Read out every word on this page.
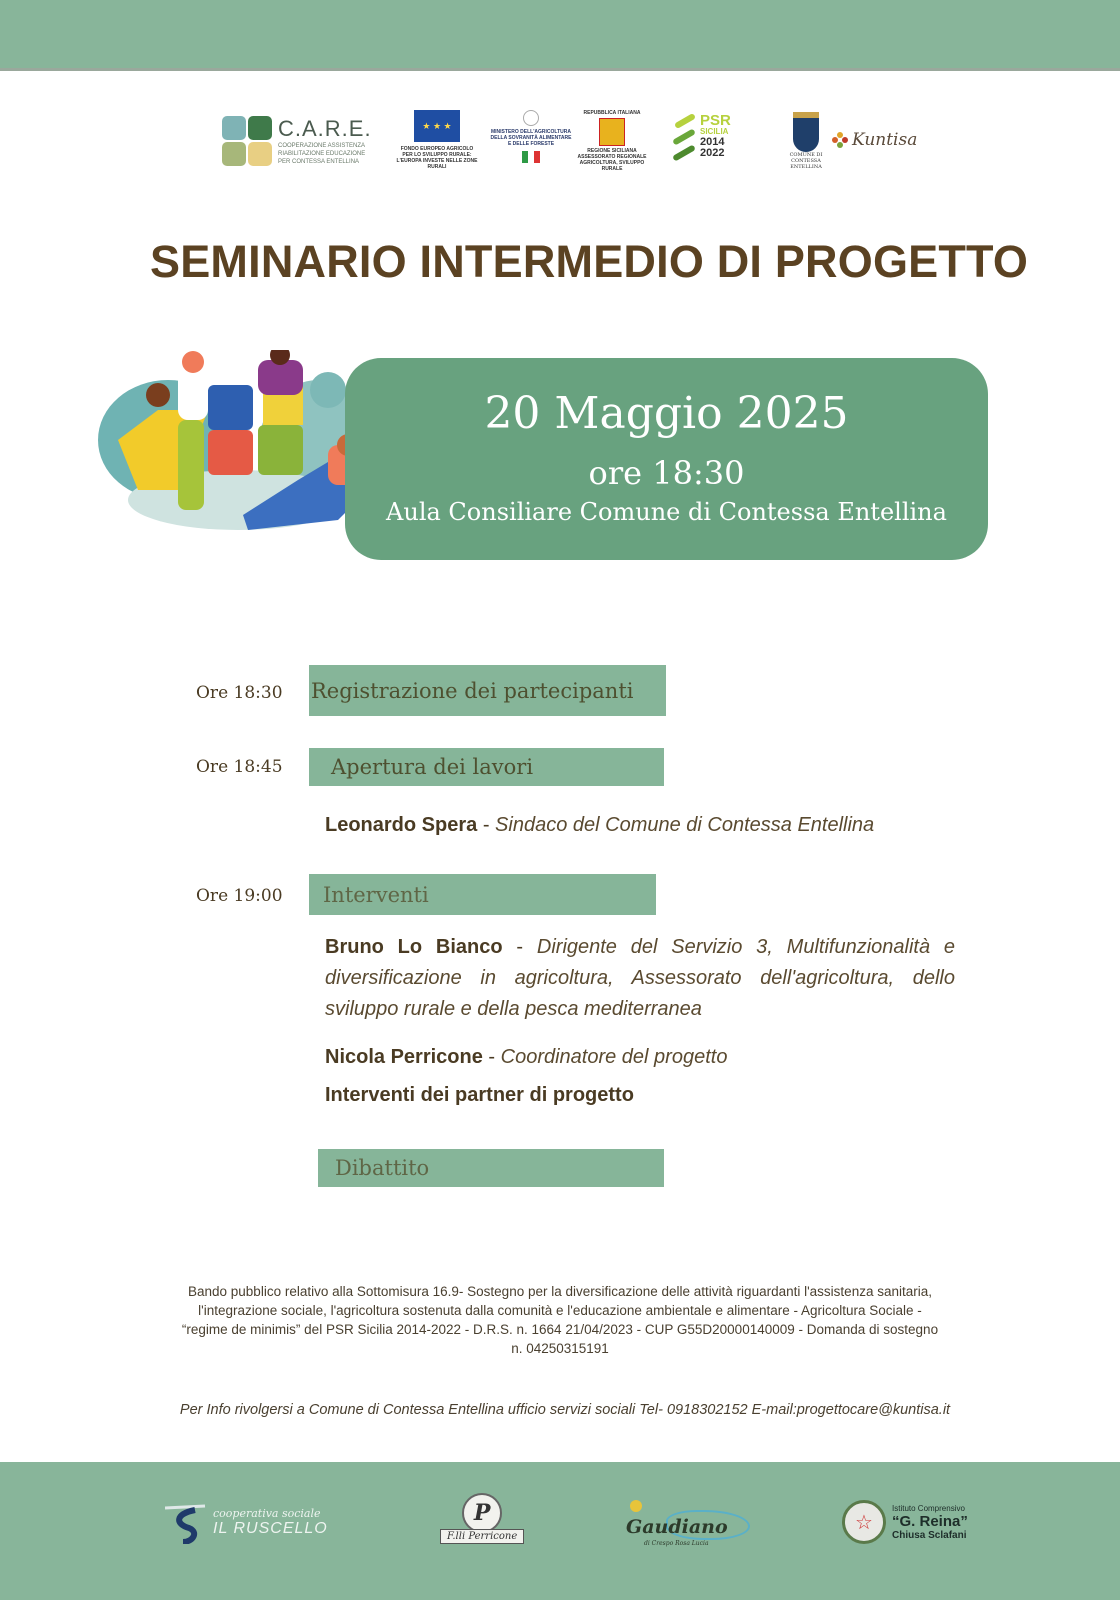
C.A.R.E.
COOPERAZIONE ASSISTENZA
RIABILITAZIONE EDUCAZIONE
PER CONTESSA ENTELLINA
★ ★ ★
FONDO EUROPEO AGRICOLO
PER LO SVILUPPO RURALE:
L'EUROPA INVESTE NELLE ZONE RURALI
MINISTERO DELL'AGRICOLTURA
DELLA SOVRANITÀ ALIMENTARE
E DELLE FORESTE
REPUBBLICA ITALIANA
REGIONE SICILIANA
ASSESSORATO REGIONALE
AGRICOLTURA, SVILUPPO RURALE
PSR
SICILIA
2014
2022	COMUNE DI
CONTESSA ENTELLINA
Kuntisa
SEMINARIO INTERMEDIO DI PROGETTO
20 Maggio 2025
ore 18:30
Aula Consiliare Comune di Contessa Entellina
Ore 18:30 Registrazione dei partecipanti
Ore 18:45 Apertura dei lavori
Leonardo Spera - Sindaco del Comune di Contessa Entellina
Ore 19:00 Interventi
Bruno Lo Bianco - Dirigente del Servizio 3, Multifunzionalità e diversificazione in agricoltura, Assessorato dell'agricoltura, dello sviluppo rurale e della pesca mediterranea
Nicola Perricone - Coordinatore del progetto
Interventi dei partner di progetto
Dibattito
Bando pubblico relativo alla Sottomisura 16.9- Sostegno per la diversificazione delle attività riguardanti l'assistenza sanitaria, l'integrazione sociale, l'agricoltura sostenuta dalla comunità e l'educazione ambientale e alimentare - Agricoltura Sociale - “regime de minimis” del PSR Sicilia 2014-2022 - D.R.S. n. 1664 21/04/2023 - CUP G55D20000140009 - Domanda di sostegno n. 04250315191
Per Info rivolgersi a Comune di Contessa Entellina ufficio servizi sociali Tel- 0918302152 E-mail:progettocare@kuntisa.it
cooperativa sociale
IL RUSCELLO
P
F.lli Perricone	Gaudiano
di Crespo Rosa Lucia
☆
Istituto Comprensivo
“G. Reina”
Chiusa Sclafani
